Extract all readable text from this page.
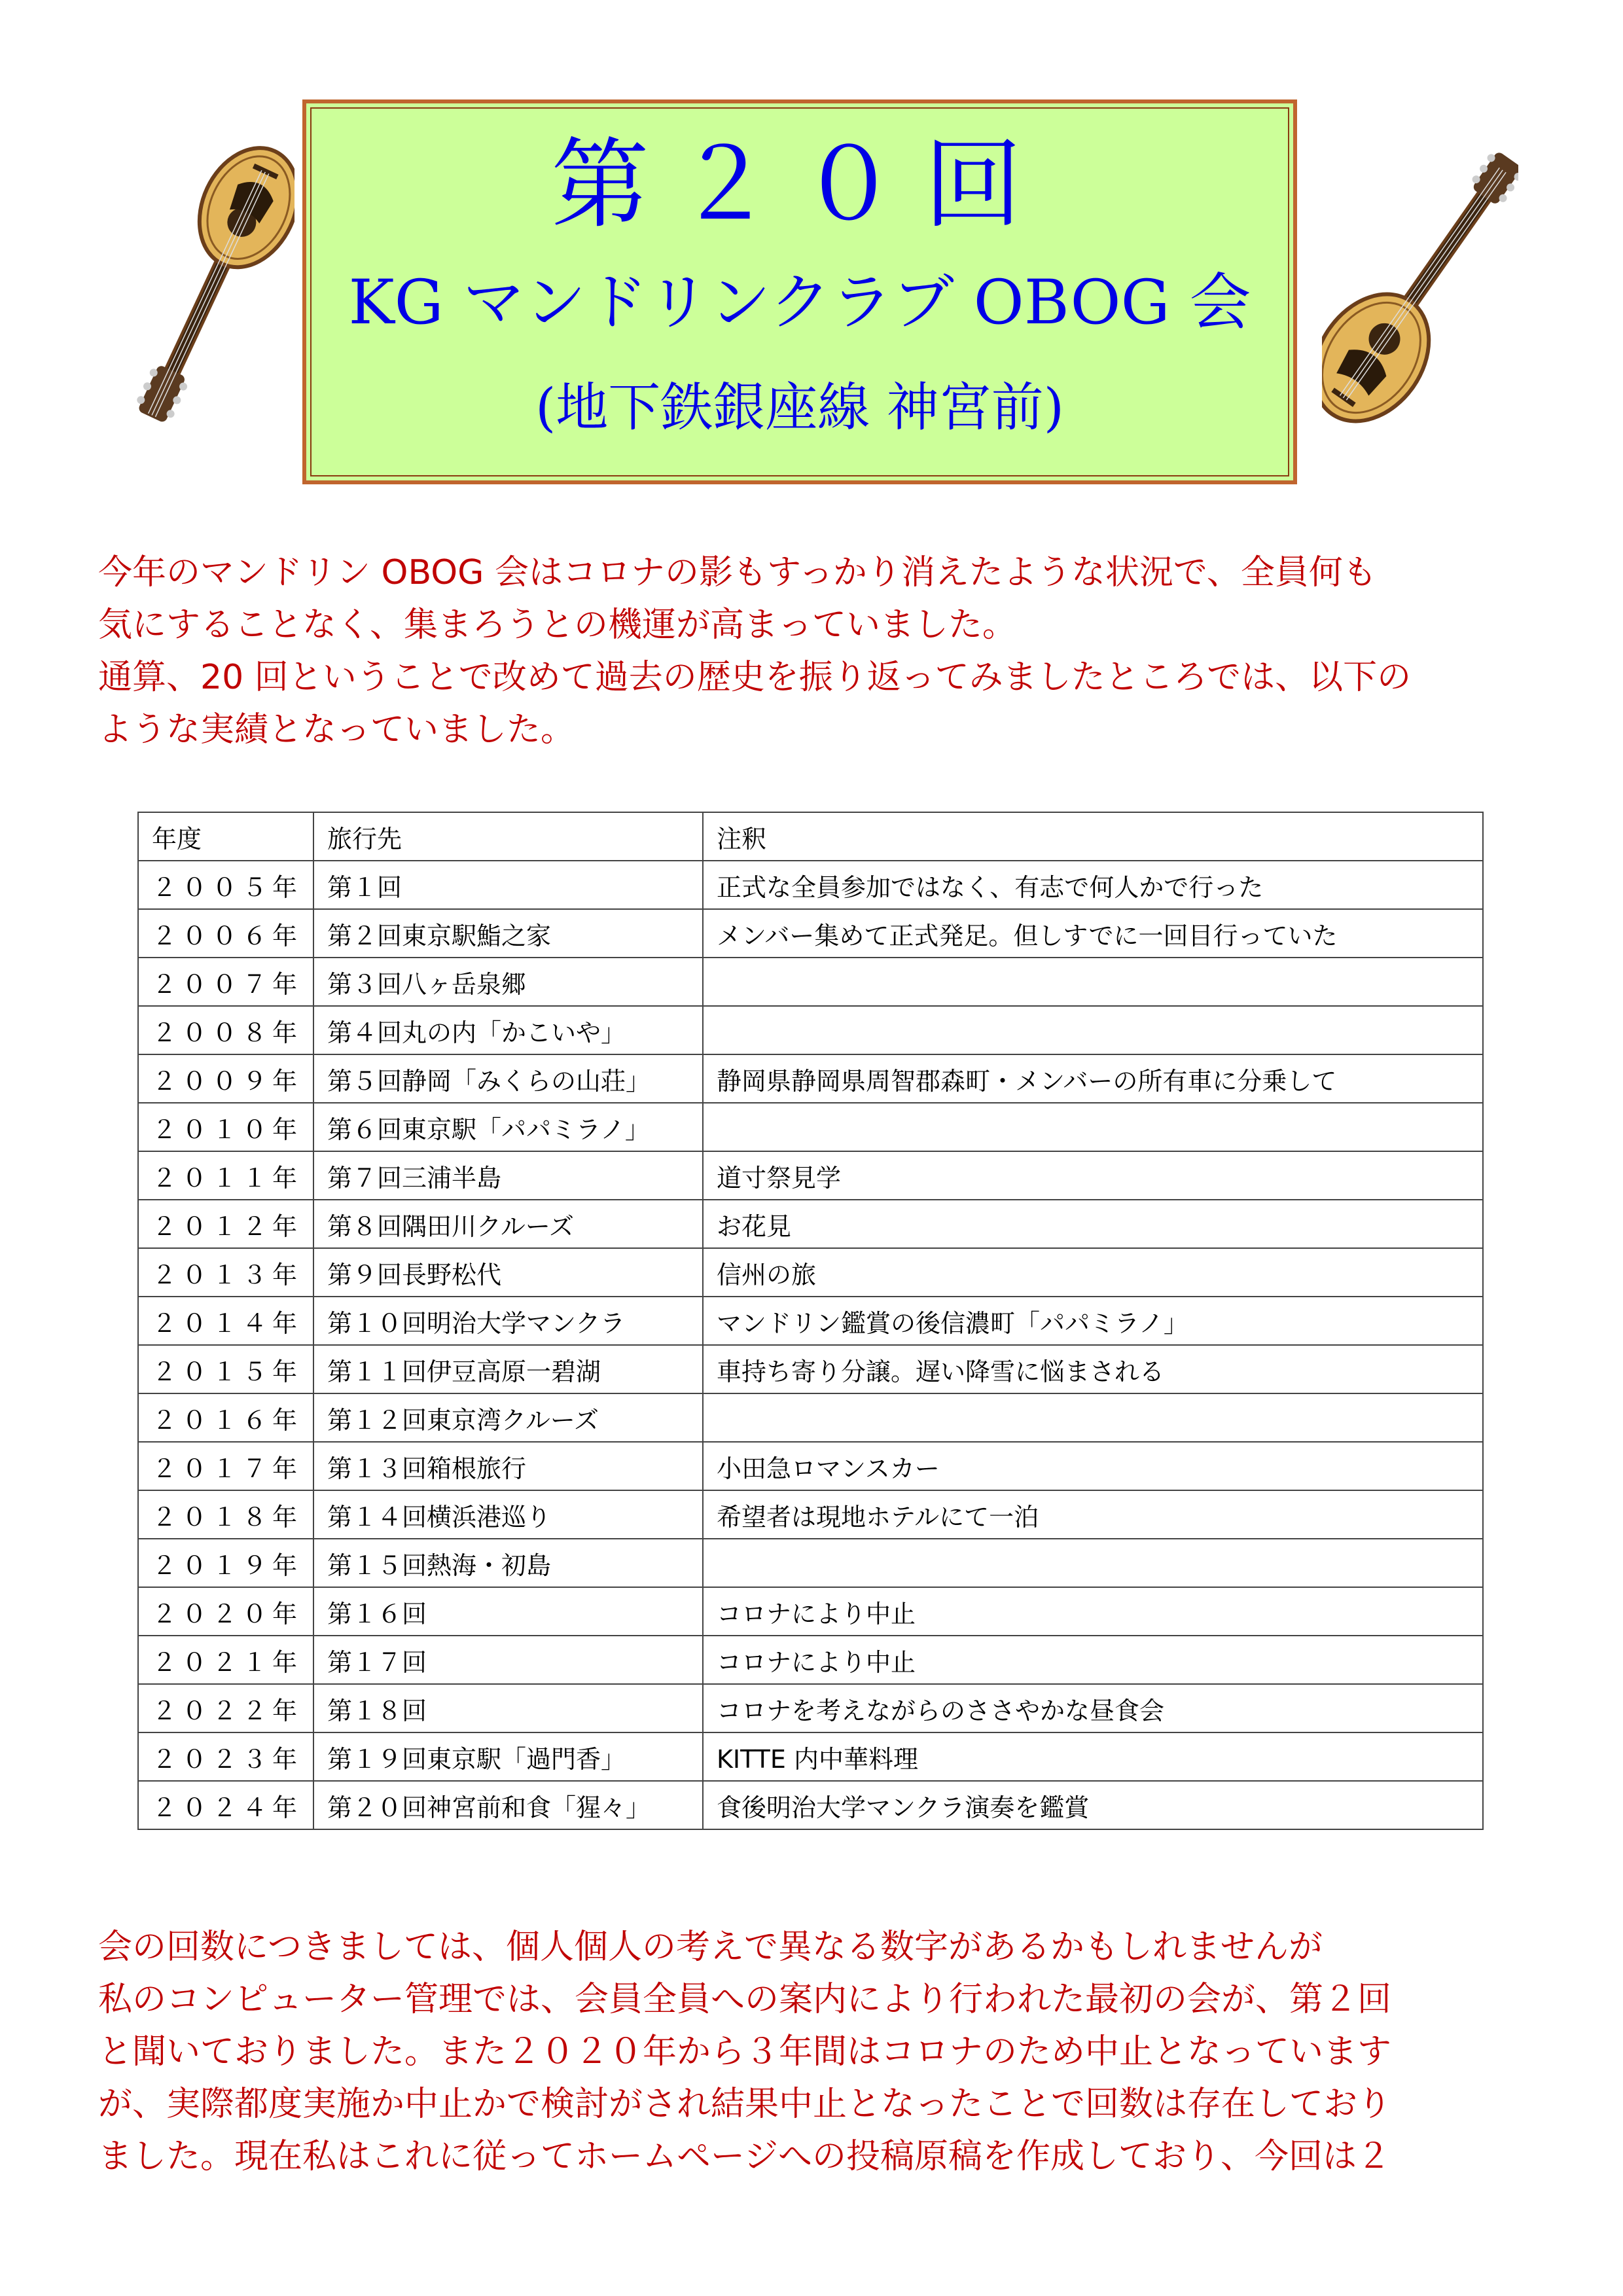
第２０回
KG マンドリンクラブ OBOG 会
(地下鉄銀座線 神宮前)
今年のマンドリン OBOG 会はコロナの影もすっかり消えたような状況で、全員何も
気にすることなく、集まろうとの機運が高まっていました。
通算、20 回ということで改めて過去の歴史を振り返ってみましたところでは、以下の
ような実績となっていました。
年度	旅行先	注釈
２００５年	第１回	正式な全員参加ではなく、有志で何人かで行った
２００６年	第２回東京駅鮨之家	メンバー集めて正式発足。但しすでに一回目行っていた
２００７年	第３回八ヶ岳泉郷	
２００８年	第４回丸の内「かこいや」	
２００９年	第５回静岡「みくらの山荘」	静岡県静岡県周智郡森町・メンバーの所有車に分乗して
２０１０年	第６回東京駅「パパミラノ」	
２０１１年	第７回三浦半島	道寸祭見学
２０１２年	第８回隅田川クルーズ	お花見
２０１３年	第９回長野松代	信州の旅
２０１４年	第１０回明治大学マンクラ	マンドリン鑑賞の後信濃町「パパミラノ」
２０１５年	第１１回伊豆高原一碧湖	車持ち寄り分譲。遅い降雪に悩まされる
２０１６年	第１２回東京湾クルーズ	
２０１７年	第１３回箱根旅行	小田急ロマンスカー
２０１８年	第１４回横浜港巡り	希望者は現地ホテルにて一泊
２０１９年	第１５回熱海・初島	
２０２０年	第１６回	コロナにより中止
２０２１年	第１７回	コロナにより中止
２０２２年	第１８回	コロナを考えながらのささやかな昼食会
２０２３年	第１９回東京駅「過門香」	KITTE 内中華料理
２０２４年	第２０回神宮前和食「猩々」	食後明治大学マンクラ演奏を鑑賞
会の回数につきましては、個人個人の考えで異なる数字があるかもしれませんが
私のコンピューター管理では、会員全員への案内により行われた最初の会が、第２回
と聞いておりました。また２０２０年から３年間はコロナのため中止となっています
が、実際都度実施か中止かで検討がされ結果中止となったことで回数は存在しており
ました。現在私はこれに従ってホームページへの投稿原稿を作成しており、今回は２
